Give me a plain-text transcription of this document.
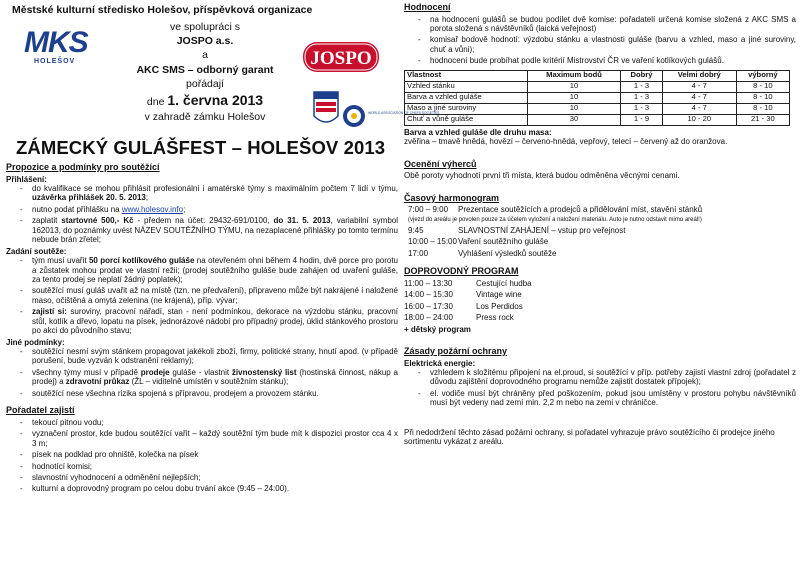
Městské kulturní středisko Holešov, příspěvková organizace
MKS
HOLEŠOV
ve spolupráci s
JOSPO a.s.
a
AKC SMS – odborný garant
pořádají
dne 1. června 2013
v zahradě zámku Holešov
JOSPO
WORLD ASSOCIATION OF CHEFS SOCIETIES
ZÁMECKÝ GULÁŠFEST – HOLEŠOV 2013
Propozice a podmínky pro soutěžící
Přihlášení:
- do kvalifikace se mohou přihlásit profesionální i amatérské týmy s maximálním počtem 7 lidí v týmu, uzávěrka přihlášek 20. 5. 2013;
- nutno podat přihlášku na www.holesov.info;
- zaplatit startovné 500,- Kč - předem na účet: 29432-691/0100, do 31. 5. 2013, variabilní symbol 162013, do poznámky uvést NÁZEV SOUTĚŽNÍHO TÝMU, na nezaplacené přihlášky po tomto termínu nebude brán zřetel;
Zadání soutěže:
- tým musí uvařit 50 porcí kotlíkového guláše na otevřeném ohni během 4 hodin, dvě porce pro porotu a zůstatek mohou prodat ve vlastní režii; (prodej soutěžního guláše bude zahájen od uvaření guláše, za tento prodej se neplatí žádný poplatek);
- soutěžící musí guláš uvařit až na místě (tzn. ne předvaření), připraveno může být nakrájené i naložené maso, očištěná a omytá zelenina (ne krájená), příp. vývar;
- zajistí si: suroviny, pracovní nářadí, stan - není podmínkou, dekorace na výzdobu stánku, pracovní stůl, kotlík a dřevo, lopatu na písek, jednorázové nádobí pro případný prodej, úklid stánkového prostoru po akci do původního stavu;
Jiné podmínky:
- soutěžící nesmí svým stánkem propagovat jakékoli zboží, firmy, politické strany, hnutí apod. (v případě porušení, bude vyzván k odstranění reklamy);
- všechny týmy musí v případě prodeje guláše - vlastnit živnostenský list (hostinská činnost, nákup a prodej) a zdravotní průkaz (ŽL – viditelně umístěn v soutěžním stánku);
- soutěžící nese všechna rizika spojená s přípravou, prodejem a provozem stánku.
Pořadatel zajistí
- tekoucí pitnou vodu;
- vyznačení prostor, kde budou soutěžící vařit – každý soutěžní tým bude mít k dispozici prostor cca 4 x 3 m;
- písek na podklad pro ohniště, kolečka na písek
- hodnotící komisi;
- slavnostní vyhodnocení a odměnění nejlepších;
- kulturní a doprovodný program po celou dobu trvání akce (9:45 – 24:00).
Hodnocení
- na hodnocení gulášů se budou podílet dvě komise: pořadatelí určená komise složená z AKC SMS a porota složená s návštěvníků (laická veřejnost)
- komisař bodově hodnotí: výzdobu stánku a vlastnosti guláše (barvu a vzhled, maso a jiné suroviny, chuť a vůni);
- hodnocení bude probíhat podle kritérií Mistrovství ČR ve vaření kotlíkových gulášů.
Vlastnost	Maximum bodů	Dobrý	Velmi dobrý	výborný
Vzhled stánku	10	1 - 3	4 - 7	8 - 10
Barva a vzhled guláše	10	1 - 3	4 - 7	8 - 10
Maso a jiné suroviny	10	1 - 3	4 - 7	8 - 10
Chuť a vůně guláše	30	1 - 9	10 - 20	21 - 30
Barva a vzhled guláše dle druhu masa:
zvěřina – tmavě hnědá, hovězí – červeno-hnědá, vepřový, telecí – červený až do oranžova.
Ocenění výherců
Obě poroty vyhodnotí první tři místa, která budou odměněna věcnými cenami.
Časový harmonogram
7:00 – 9:00	Prezentace soutěžících a prodejců a přidělování míst, stavění stánků
(vjezd do areálu je povolen pouze za účelem vyložení a naložení materiálu. Auto je nutno odstavit mimo areál!)
9:45	SLAVNOSTNÍ ZAHÁJENÍ – vstup pro veřejnost
10:00 – 15:00 Vaření soutěžního guláše
17:00	Vyhlášení výsledků soutěže
DOPROVODNÝ PROGRAM
11:00 – 13:30	Cestující hudba
14:00 – 15:30	Vintage wine
16:00 – 17:30	Los Perdidos
18:00 – 24:00	Press rock
+ dětský program
Zásady požární ochrany
Elektrická energie:
- vzhledem k složitému připojení na el.proud, si soutěžící v příp. potřeby zajistí vlastní zdroj (pořadatel z důvodu zajištění doprovodného programu nemůže zajistit dostatek přípojek);
- el. vodiče musí být chráněny před poškozením, pokud jsou umístěny v prostoru pohybu návštěvníků musí být vedeny nad zemí min. 2,2 m nebo na zemi v chráničce.
Při nedodržení těchto zásad požární ochrany, si pořadatel vyhrazuje právo soutěžícího či prodejce jiného sortimentu vykázat z areálu.
